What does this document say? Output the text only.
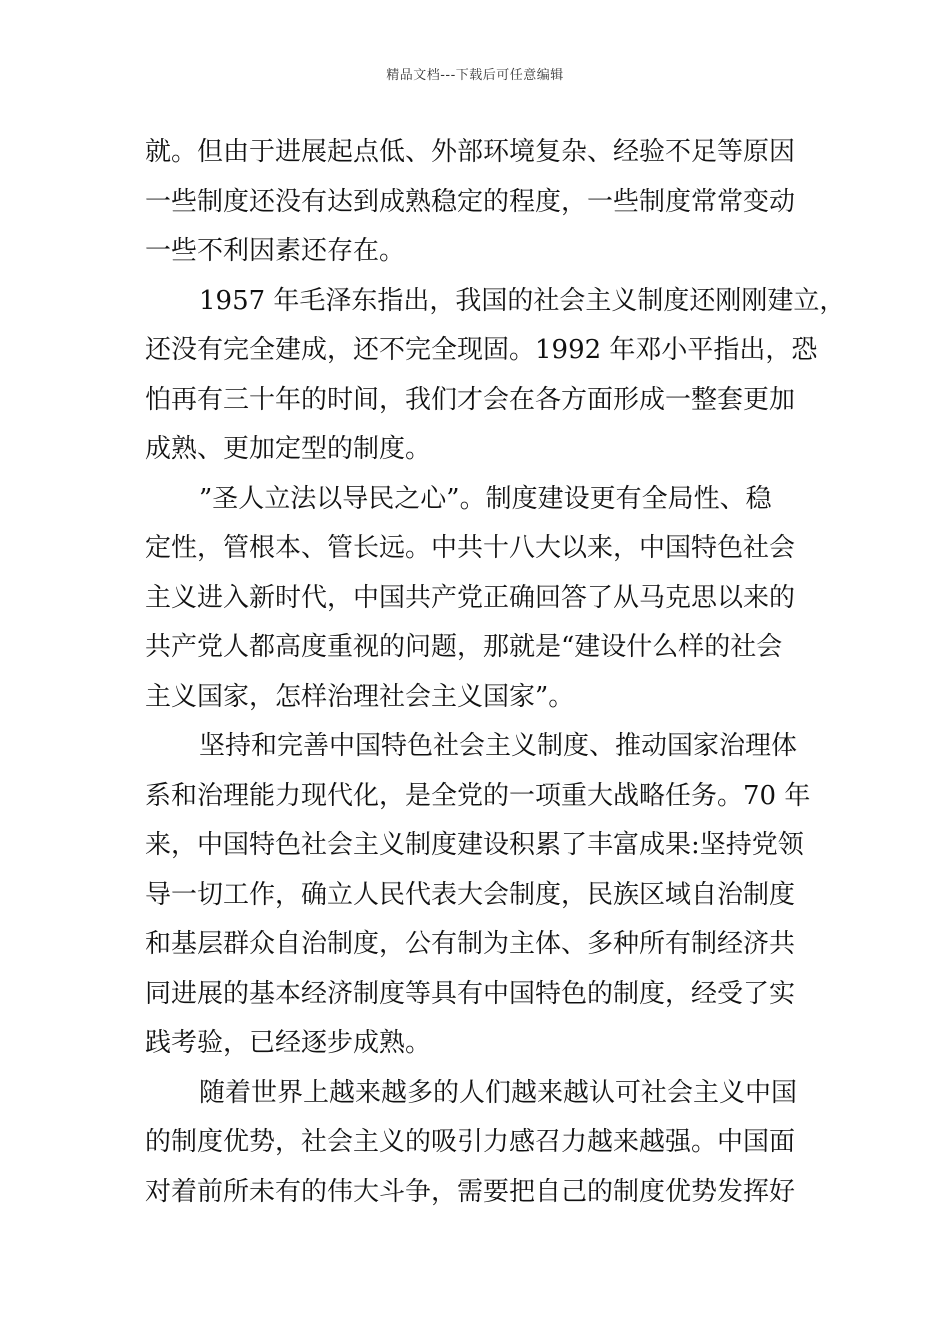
精品文档---下载后可任意编辑
就。但由于进展起点低、外部环境复杂、经验不足等原因
一些制度还没有达到成熟稳定的程度，一些制度常常变动
一些不利因素还存在。
1957 年毛泽东指出，我国的社会主义制度还刚刚建立，
还没有完全建成，还不完全现固。1992 年邓小平指出，恐
怕再有三十年的时间，我们才会在各方面形成一整套更加
成熟、更加定型的制度。
”圣人立法以导民之心”。制度建设更有全局性、稳
定性，管根本、管长远。中共十八大以来，中国特色社会
主义进入新时代，中国共产党正确回答了从马克思以来的
共产党人都高度重视的问题，那就是“建设什么样的社会
主义国家，怎样治理社会主义国家”。
坚持和完善中国特色社会主义制度、推动国家治理体
系和治理能力现代化，是全党的一项重大战略任务。70 年
来，中国特色社会主义制度建设积累了丰富成果:坚持党领
导一切工作，确立人民代表大会制度，民族区域自治制度
和基层群众自治制度，公有制为主体、多种所有制经济共
同进展的基本经济制度等具有中国特色的制度，经受了实
践考验，已经逐步成熟。
随着世界上越来越多的人们越来越认可社会主义中国
的制度优势，社会主义的吸引力感召力越来越强。中国面
对着前所未有的伟大斗争，需要把自己的制度优势发挥好
